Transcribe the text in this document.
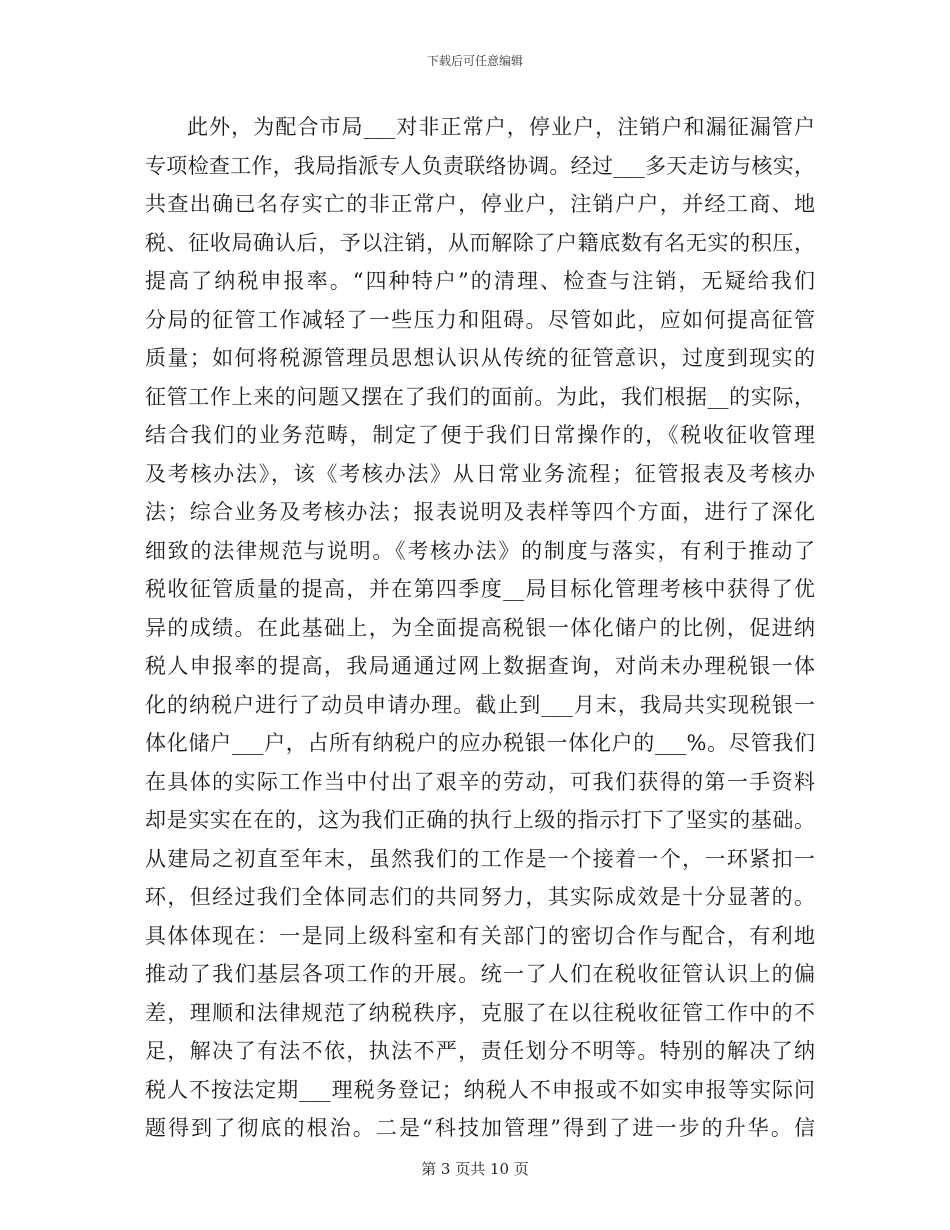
下载后可任意编辑
此外，为配合市局___对非正常户，停业户，注销户和漏征漏管户
专项检查工作，我局指派专人负责联络协调。经过___多天走访与核实，
共查出确已名存实亡的非正常户，停业户，注销户户，并经工商、地
税、征收局确认后，予以注销，从而解除了户籍底数有名无实的积压，
提高了纳税申报率。“四种特户”的清理、检查与注销，无疑给我们
分局的征管工作减轻了一些压力和阻碍。尽管如此，应如何提高征管
质量；如何将税源管理员思想认识从传统的征管意识，过度到现实的
征管工作上来的问题又摆在了我们的面前。为此，我们根据__的实际，
结合我们的业务范畴，制定了便于我们日常操作的，《税收征收管理
及考核办法》，该《考核办法》从日常业务流程；征管报表及考核办
法；综合业务及考核办法；报表说明及表样等四个方面，进行了深化
细致的法律规范与说明。《考核办法》的制度与落实，有利于推动了
税收征管质量的提高，并在第四季度__局目标化管理考核中获得了优
异的成绩。在此基础上，为全面提高税银一体化储户的比例，促进纳
税人申报率的提高，我局通通过网上数据查询，对尚未办理税银一体
化的纳税户进行了动员申请办理。截止到___月末，我局共实现税银一
体化储户___户，占所有纳税户的应办税银一体化户的___%。尽管我们
在具体的实际工作当中付出了艰辛的劳动，可我们获得的第一手资料
却是实实在在的，这为我们正确的执行上级的指示打下了坚实的基础。
从建局之初直至年末，虽然我们的工作是一个接着一个，一环紧扣一
环，但经过我们全体同志们的共同努力，其实际成效是十分显著的。
具体体现在：一是同上级科室和有关部门的密切合作与配合，有利地
推动了我们基层各项工作的开展。统一了人们在税收征管认识上的偏
差，理顺和法律规范了纳税秩序，克服了在以往税收征管工作中的不
足，解决了有法不依，执法不严，责任划分不明等。特别的解决了纳
税人不按法定期___理税务登记；纳税人不申报或不如实申报等实际问
题得到了彻底的根治。二是“科技加管理”得到了进一步的升华。信
第 3 页共 10 页
